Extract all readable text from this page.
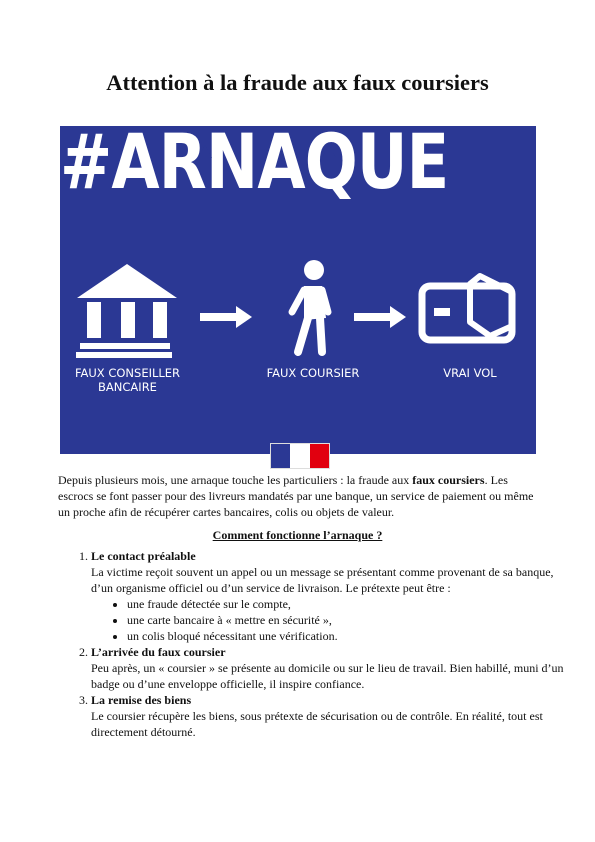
Attention à la fraude aux faux coursiers
#ARNAQUE
FAUX CONSEILLER
BANCAIRE
FAUX COURSIER	VRAI VOL

Depuis plusieurs mois, une arnaque touche les particuliers : la fraude aux faux coursiers. Les escrocs se font passer pour des livreurs mandatés par une banque, un service de paiement ou même un proche afin de récupérer cartes bancaires, colis ou objets de valeur.

Comment fonctionne l’arnaque ?

1. Le contact préalable
La victime reçoit souvent un appel ou un message se présentant comme provenant de sa banque, d’un organisme officiel ou d’un service de livraison. Le prétexte peut être :
• une fraude détectée sur le compte,
• une carte bancaire à « mettre en sécurité »,
• un colis bloqué nécessitant une vérification.
2. L’arrivée du faux coursier
Peu après, un « coursier » se présente au domicile ou sur le lieu de travail. Bien habillé, muni d’un badge ou d’une enveloppe officielle, il inspire confiance.
3. La remise des biens
Le coursier récupère les biens, sous prétexte de sécurisation ou de contrôle. En réalité, tout est directement détourné.
